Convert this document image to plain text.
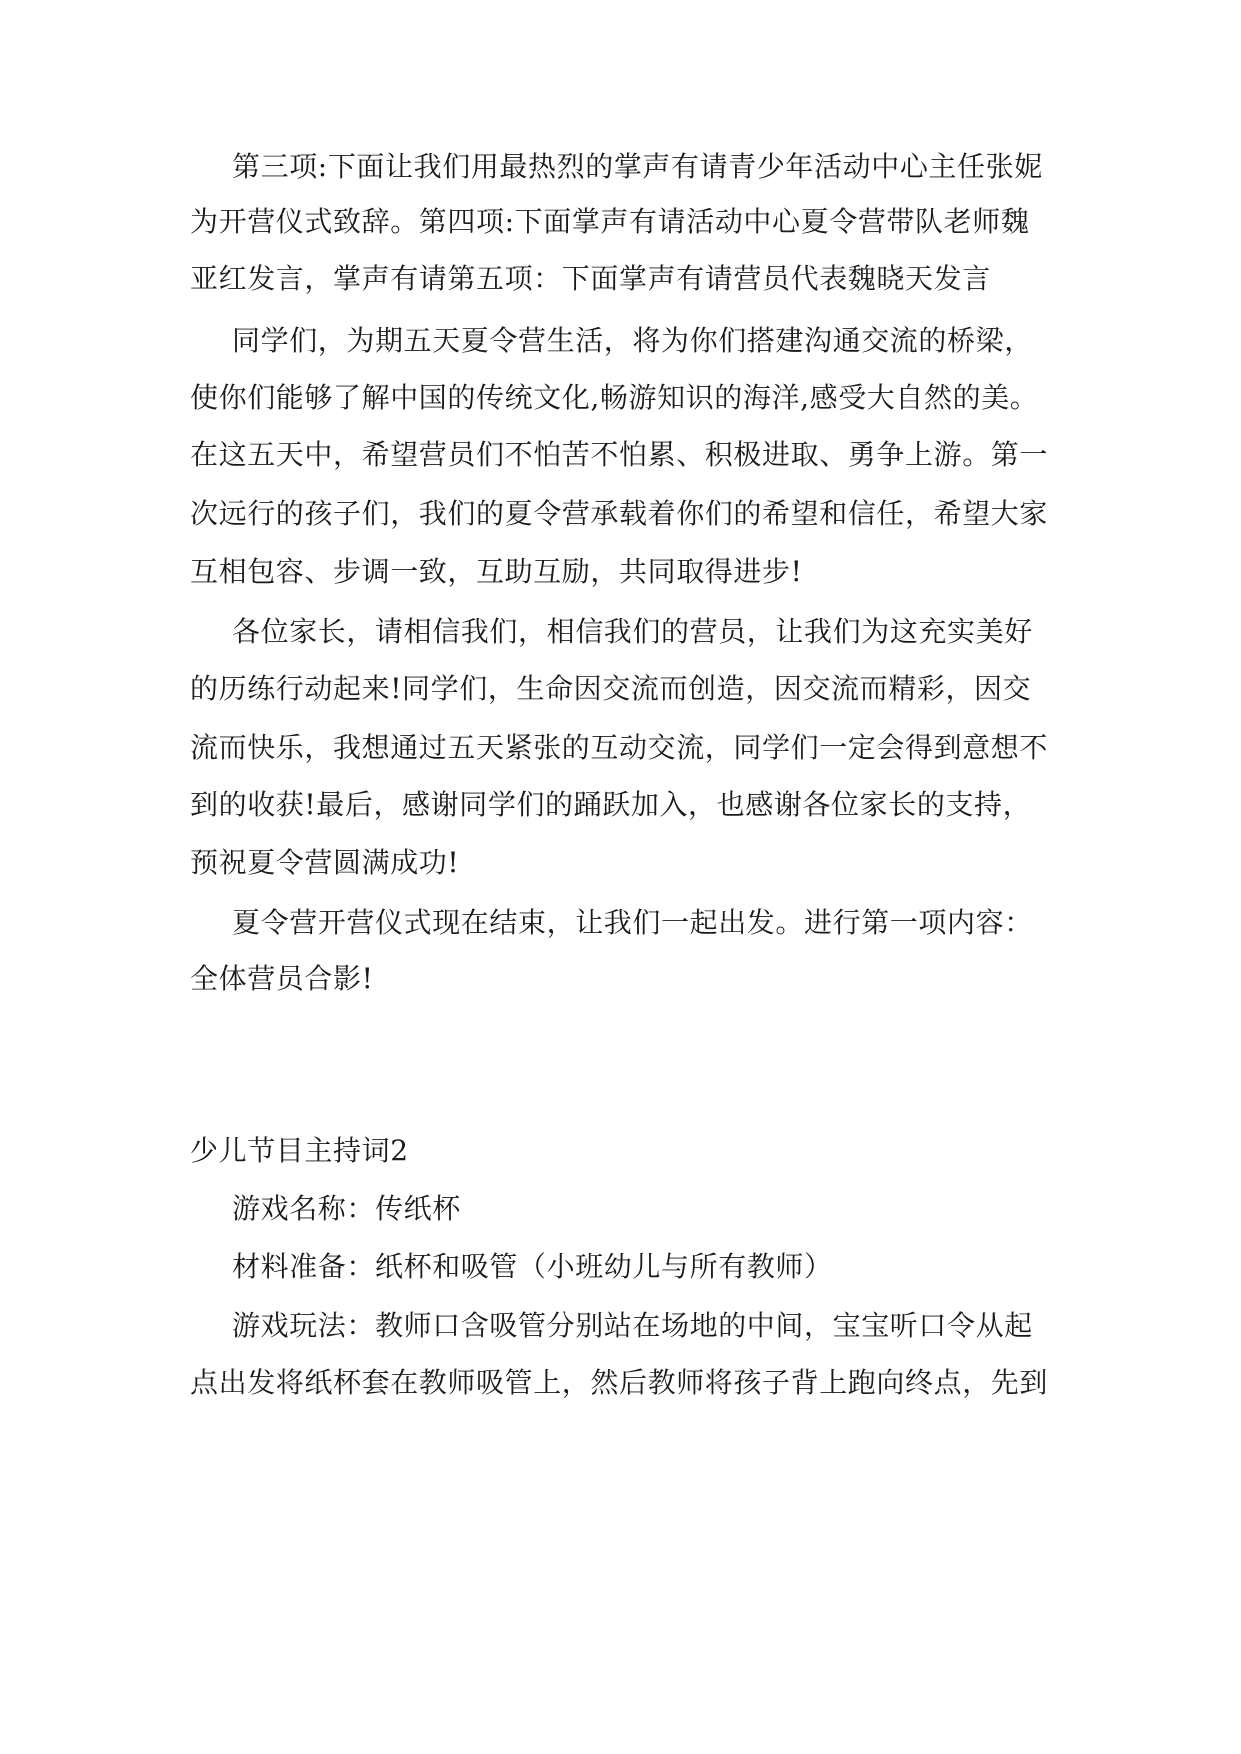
第三项:下面让我们用最热烈的掌声有请青少年活动中心主任张妮
为开营仪式致辞。第四项:下面掌声有请活动中心夏令营带队老师魏
亚红发言，掌声有请第五项：下面掌声有请营员代表魏晓天发言
同学们，为期五天夏令营生活，将为你们搭建沟通交流的桥梁，
使你们能够了解中国的传统文化,畅游知识的海洋,感受大自然的美。
在这五天中，希望营员们不怕苦不怕累、积极进取、勇争上游。第一
次远行的孩子们，我们的夏令营承载着你们的希望和信任，希望大家
互相包容、步调一致，互助互励，共同取得进步!
各位家长，请相信我们，相信我们的营员，让我们为这充实美好
的历练行动起来!同学们，生命因交流而创造，因交流而精彩，因交
流而快乐，我想通过五天紧张的互动交流，同学们一定会得到意想不
到的收获!最后，感谢同学们的踊跃加入，也感谢各位家长的支持，
预祝夏令营圆满成功!
夏令营开营仪式现在结束，让我们一起出发。进行第一项内容：
全体营员合影!
少儿节目主持词2
游戏名称：传纸杯
材料准备：纸杯和吸管（小班幼儿与所有教师）
游戏玩法：教师口含吸管分别站在场地的中间，宝宝听口令从起
点出发将纸杯套在教师吸管上，然后教师将孩子背上跑向终点，先到
